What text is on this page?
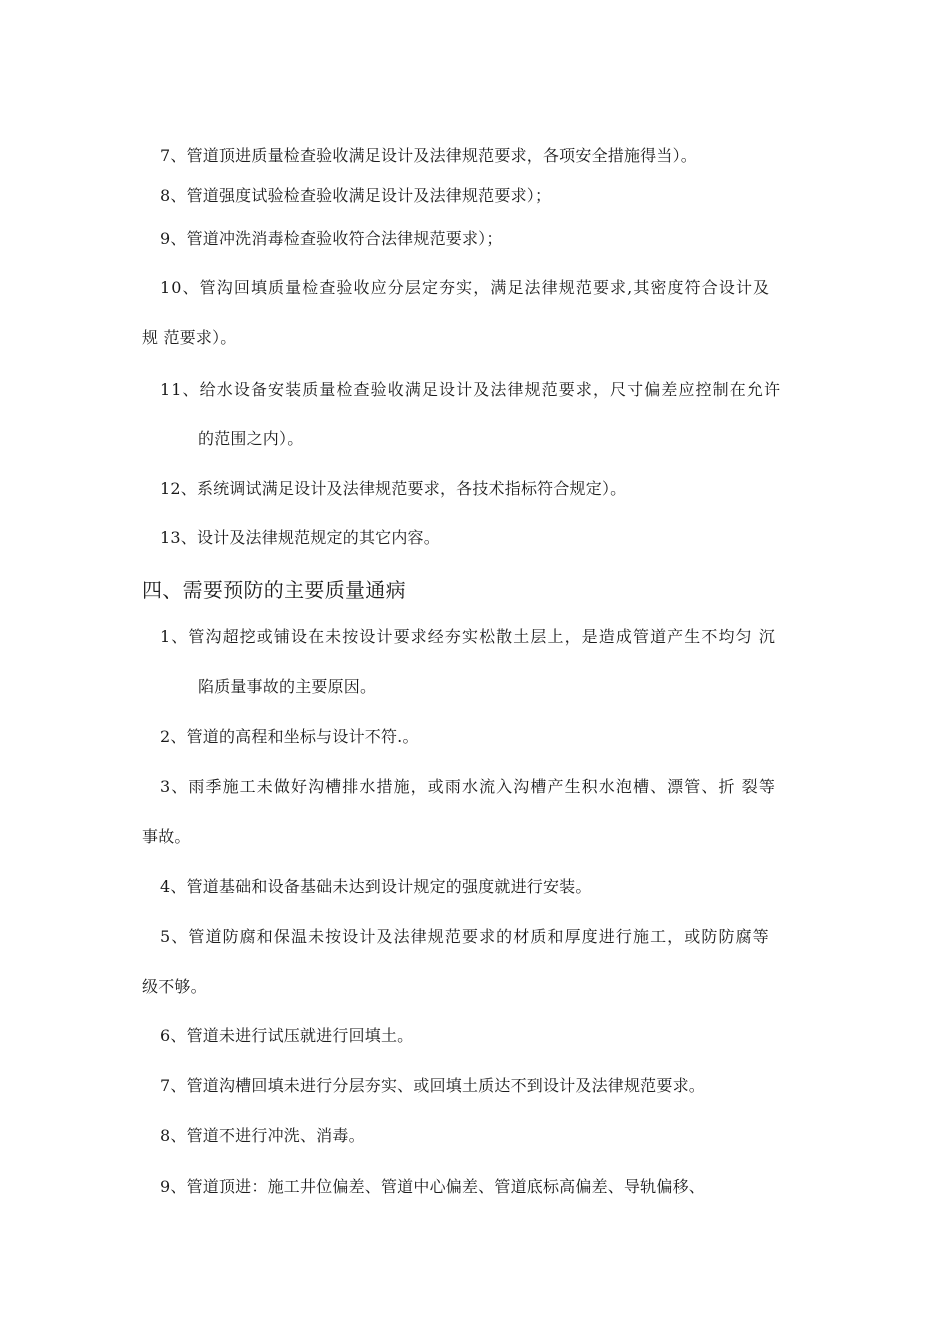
7、管道顶进质量检查验收满足设计及法律规范要求，各项安全措施得当）。
8、管道强度试验检查验收满足设计及法律规范要求）；
9、管道冲洗消毒检查验收符合法律规范要求）；
10、管沟回填质量检查验收应分层定夯实，满足法律规范要求,其密度符合设计及
规 范要求）。
11、给水设备安装质量检查验收满足设计及法律规范要求，尺寸偏差应控制在允许
的范围之内）。
12、系统调试满足设计及法律规范要求，各技术指标符合规定）。
13、设计及法律规范规定的其它内容。
四、需要预防的主要质量通病
1、管沟超挖或铺设在未按设计要求经夯实松散土层上，是造成管道产生不均匀 沉
陷质量事故的主要原因。
2、管道的高程和坐标与设计不符.。
3、雨季施工未做好沟槽排水措施，或雨水流入沟槽产生积水泡槽、漂管、折 裂等
事故。
4、管道基础和设备基础未达到设计规定的强度就进行安装。
5、管道防腐和保温未按设计及法律规范要求的材质和厚度进行施工，或防防腐等
级不够。
6、管道未进行试压就进行回填土。
7、管道沟槽回填未进行分层夯实、或回填土质达不到设计及法律规范要求。
8、管道不进行冲洗、消毒。
9、管道顶进：施工井位偏差、管道中心偏差、管道底标高偏差、导轨偏移、
